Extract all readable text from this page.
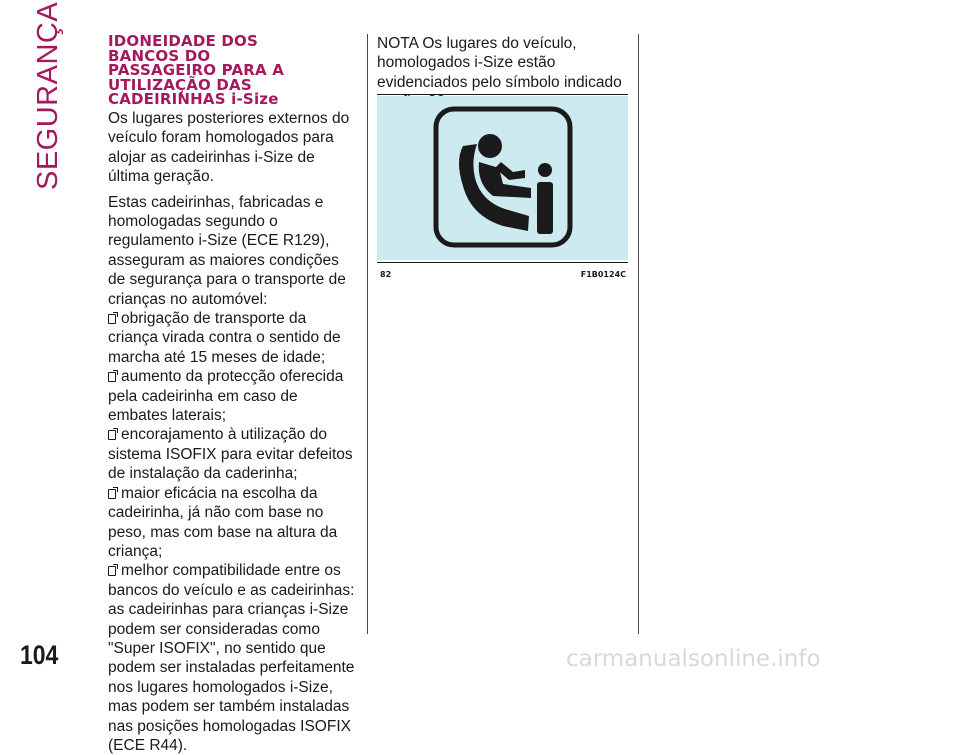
SEGURANÇA	IDONEIDADE DOS
BANCOS DO
PASSAGEIRO PARA A
UTILIZAÇÃO DAS
CADEIRINHAS i-Size

Os lugares posteriores externos do veículo foram homologados para alojar as cadeirinhas i-Size de última geração.

Estas cadeirinhas, fabricadas e homologadas segundo o regulamento i-Size (ECE R129), asseguram as maiores condições de segurança para o transporte de crianças no automóvel:

obrigação de transporte da criança virada contra o sentido de marcha até 15 meses de idade;
aumento da protecção oferecida pela cadeirinha em caso de embates laterais;
encorajamento à utilização do sistema ISOFIX para evitar defeitos de instalação da caderinha;
maior eficácia na escolha da cadeirinha, já não com base no peso, mas com base na altura da criança;
melhor compatibilidade entre os bancos do veículo e as cadeirinhas: as cadeirinhas para crianças i-Size podem ser consideradas como "Super ISOFIX", no sentido que podem ser instaladas perfeitamente nos lugares homologados i-Size, mas podem ser também instaladas nas posições homologadas ISOFIX (ECE R44).

NOTA Os lugares do veículo, homologados i-Size estão evidenciados pelo símbolo indicado

82	F1B0124C
104	carmanualsonline.info
